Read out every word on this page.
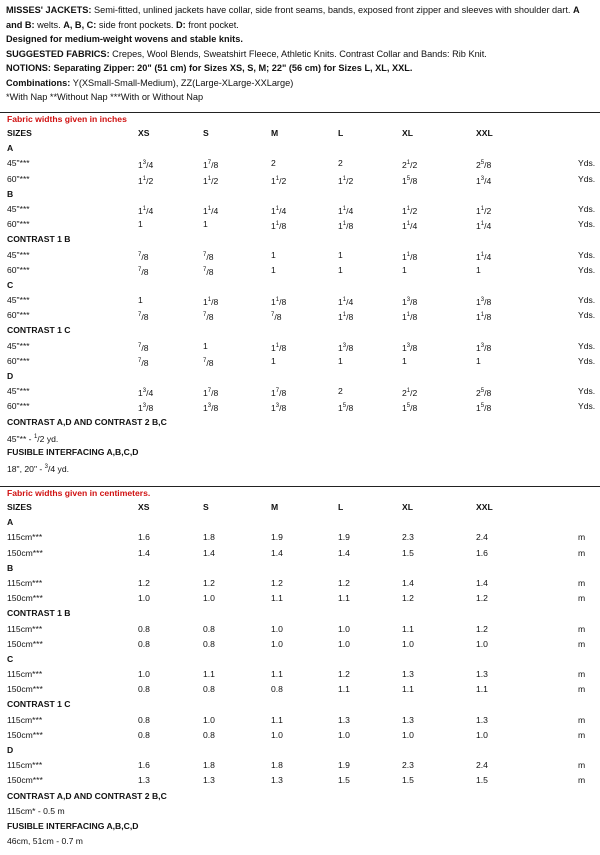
MISSES' JACKETS: Semi-fitted, unlined jackets have collar, side front seams, bands, exposed front zipper and sleeves with shoulder dart. A and B: welts. A, B, C: side front pockets. D: front pocket.

Designed for medium-weight wovens and stable knits.

SUGGESTED FABRICS: Crepes, Wool Blends, Sweatshirt Fleece, Athletic Knits. Contrast Collar and Bands: Rib Knit.

NOTIONS: Separating Zipper: 20" (51 cm) for Sizes XS, S, M; 22" (56 cm) for Sizes L, XL, XXL.

Combinations: Y(XSmall-Small-Medium), ZZ(Large-XLarge-XXLarge)

*With Nap **Without Nap ***With or Without Nap

Fabric widths given in inches
SIZES	XS	S	M	L	XL	XXL
A
45"***	$1^3/4$	$1^7/8$	2	2	$2^1/2$	$2^5/8$	Yds.
60"***	$1^1/2$	$1^1/2$	$1^1/2$	$1^1/2$	$1^5/8$	$1^3/4$	Yds.
B
45"***	$1^1/4$	$1^1/4$	$1^1/4$	$1^1/4$	$1^1/2$	$1^1/2$	Yds.
60"***	1	1	$1^1/8$	$1^1/8$	$1^1/4$	$1^1/4$	Yds.
CONTRAST 1 B
45"***	$^7$/8	$^7$/8	1	1	$1^1/8$	$1^1/4$	Yds.
60"***	$^7$/8	$^7$/8	1	1	1	1	Yds.
C
45"***	1	$1^1/8$	$1^1/8$	$1^1/4$	$1^3/8$	$1^3/8$	Yds.
60"***	$^7$/8	$^7$/8	$^7$/8	$1^1/8$	$1^1/8$	$1^1/8$	Yds.
CONTRAST 1 C
45"***	$^7$/8	1	$1^1/8$	$1^3/8$	$1^3/8$	$1^3/8$	Yds.
60"***	$^7$/8	$^7$/8	1	1	1	1	Yds.
D
45"***	$1^3/4$	$1^7/8$	$1^7/8$	2	$2^1/2$	$2^5/8$	Yds.
60"***	$1^3/8$	$1^3/8$	$1^3/8$	$1^5/8$	$1^5/8$	$1^5/8$	Yds.
CONTRAST A,D AND CONTRAST 2 B,C
45"** - $^1$/2 yd.
FUSIBLE INTERFACING A,B,C,D
18", 20" - $^3$/4 yd.
Fabric widths given in centimeters.
SIZES	XS	S	M	L	XL	XXL
A
115cm***	1.6	1.8	1.9	1.9	2.3	2.4	m
150cm***	1.4	1.4	1.4	1.4	1.5	1.6	m
B
115cm***	1.2	1.2	1.2	1.2	1.4	1.4	m
150cm***	1.0	1.0	1.1	1.1	1.2	1.2	m
CONTRAST 1 B
115cm***	0.8	0.8	1.0	1.0	1.1	1.2	m
150cm***	0.8	0.8	1.0	1.0	1.0	1.0	m
C
115cm***	1.0	1.1	1.1	1.2	1.3	1.3	m
150cm***	0.8	0.8	0.8	1.1	1.1	1.1	m
CONTRAST 1 C
115cm***	0.8	1.0	1.1	1.3	1.3	1.3	m
150cm***	0.8	0.8	1.0	1.0	1.0	1.0	m
D
115cm***	1.6	1.8	1.8	1.9	2.3	2.4	m
150cm***	1.3	1.3	1.3	1.5	1.5	1.5	m
CONTRAST A,D AND CONTRAST 2 B,C
115cm* - 0.5 m
FUSIBLE INTERFACING A,B,C,D
46cm, 51cm - 0.7 m
